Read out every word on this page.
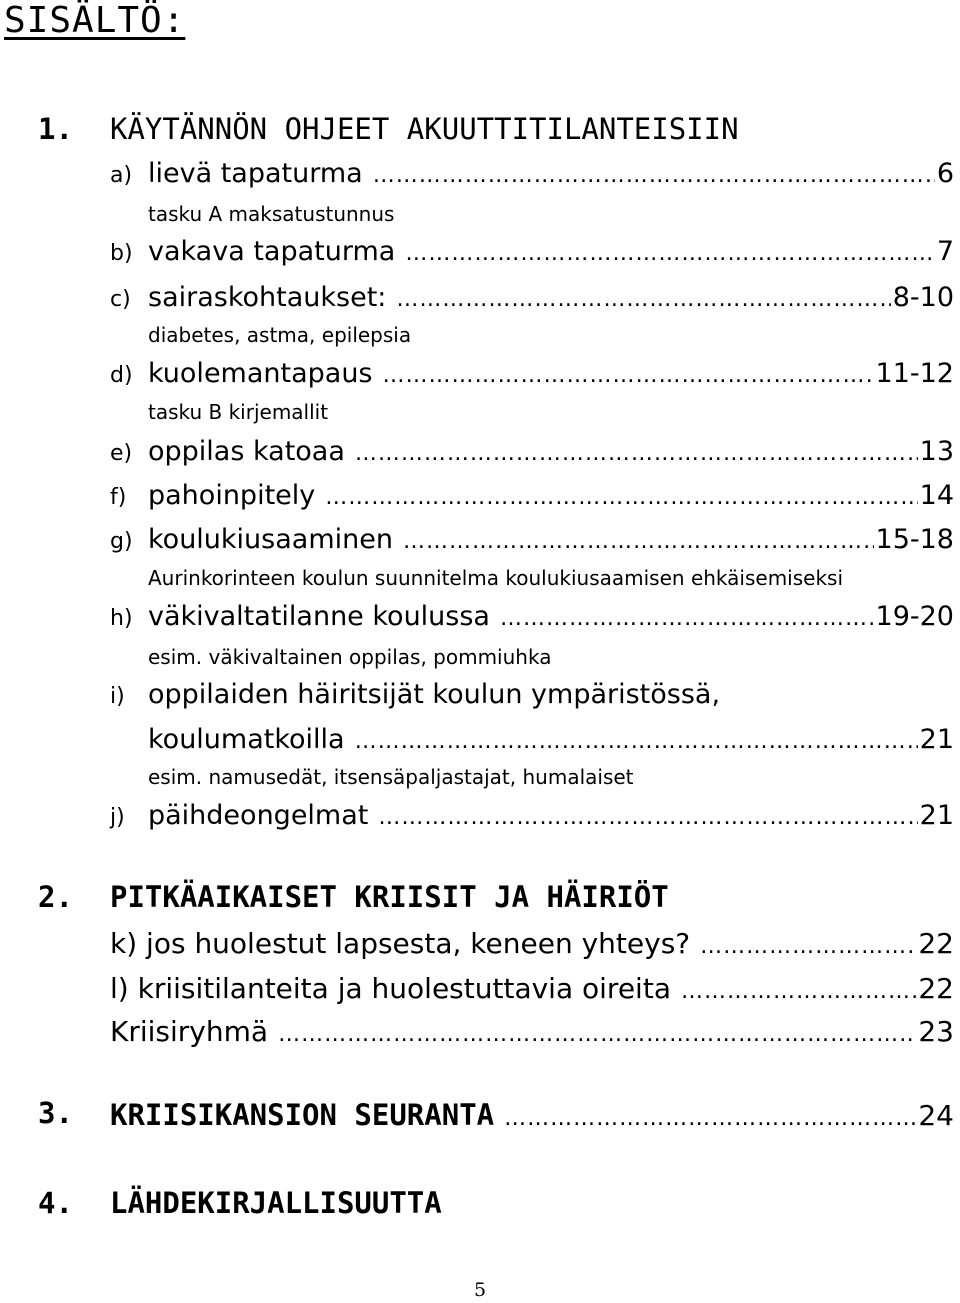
SISÄLTÖ:
1. KÄYTÄNNÖN OHJEET AKUUTTITILANTEISIIN
a) lievä tapaturma ……………………………………………………………………………………………………………………	6
tasku A maksatustunnus
b) vakava tapaturma ……………………………………………………………………………………………………………………	7
c) sairaskohtaukset: ……………………………………………………………………………………………………………………	8-10
diabetes, astma, epilepsia
d) kuolemantapaus ……………………………………………………………………………………………………………………	11-12
tasku B kirjemallit
e) oppilas katoaa ……………………………………………………………………………………………………………………	13
f) pahoinpitely ……………………………………………………………………………………………………………………	14
g) koulukiusaaminen ……………………………………………………………………………………………………………………	15-18
Aurinkorinteen koulun suunnitelma koulukiusaamisen ehkäisemiseksi
h) väkivaltatilanne koulussa ……………………………………………………………………………………………………………………	19-20
esim. väkivaltainen oppilas, pommiuhka
i) oppilaiden häiritsijät koulun ympäristössä,
koulumatkoilla ……………………………………………………………………………………………………………………	21
esim. namusedät, itsensäpaljastajat, humalaiset
j) päihdeongelmat ……………………………………………………………………………………………………………………	21
2. PITKÄAIKAISET KRIISIT JA HÄIRIÖT
k) jos huolestut lapsesta, keneen yhteys? ……………………………………………………………………………………………………………………	22
l) kriisitilanteita ja huolestuttavia oireita ……………………………………………………………………………………………………………………	22
Kriisiryhmä ……………………………………………………………………………………………………………………	23
3. KRIISIKANSION SEURANTA ……………………………………………………………………………………………………………………	24
4. LÄHDEKIRJALLISUUTTA
5
